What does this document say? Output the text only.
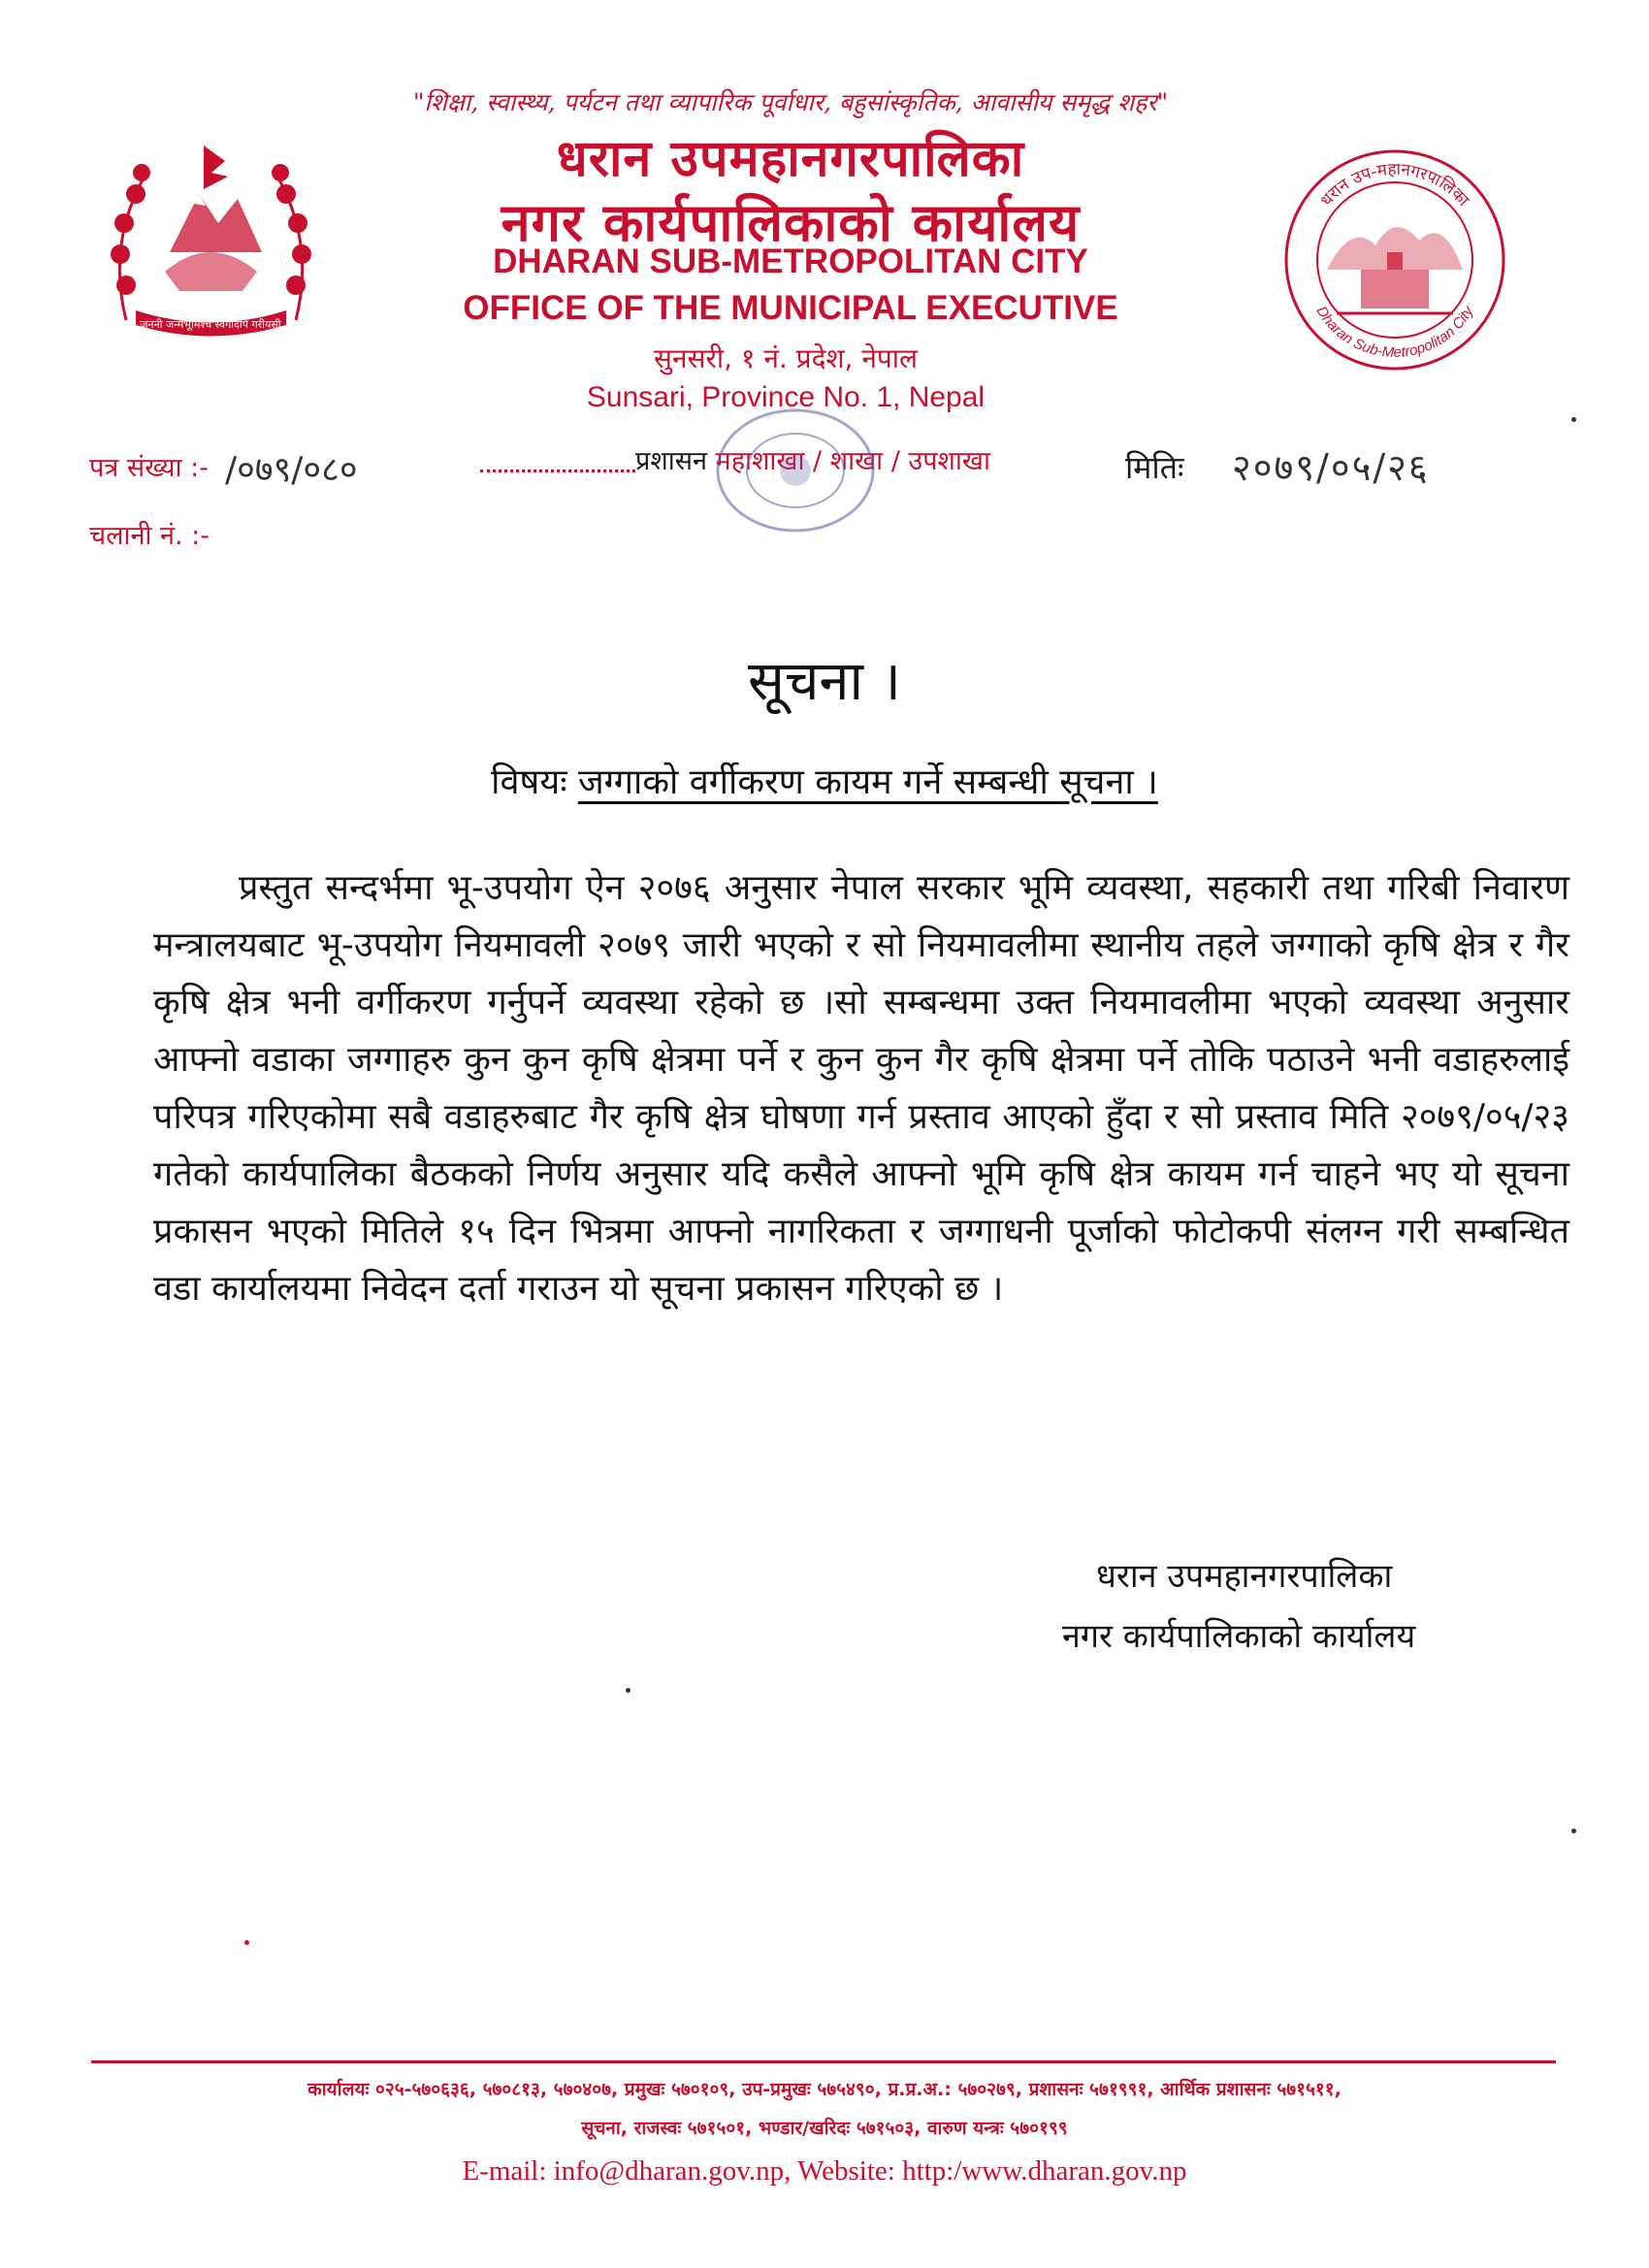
"शिक्षा, स्वास्थ्य, पर्यटन तथा व्यापारिक पूर्वाधार, बहुसांस्कृतिक, आवासीय समृद्ध शहर"
धरान उपमहानगरपालिका
नगर कार्यपालिकाको कार्यालय
DHARAN SUB-METROPOLITAN CITY
OFFICE OF THE MUNICIPAL EXECUTIVE
सुनसरी, १ नं. प्रदेश, नेपाल
Sunsari, Province No. 1, Nepal
जननी जन्मभूमिश्च स्वर्गादपि गरीयसी
धरान उप-महानगरपालिका
Dharan Sub-Metropolitan City
पत्र संख्या :- /०७९/०८०	प्रशासन महाशाखा / शाखा / उपशाखा	मितिः २०७९/०५/२६
चलानी नं. :-
सूचना ।
विषयः जग्गाको वर्गीकरण कायम गर्ने सम्बन्धी सूचना ।
प्रस्तुत सन्दर्भमा भू-उपयोग ऐन २०७६ अनुसार नेपाल सरकार भूमि व्यवस्था, सहकारी तथा गरिबी निवारण मन्त्रालयबाट भू-उपयोग नियमावली २०७९ जारी भएको र सो नियमावलीमा स्थानीय तहले जग्गाको कृषि क्षेत्र र गैर कृषि क्षेत्र भनी वर्गीकरण गर्नुपर्ने व्यवस्था रहेको छ ।सो सम्बन्धमा उक्त नियमावलीमा भएको व्यवस्था अनुसार आफ्नो वडाका जग्गाहरु कुन कुन कृषि क्षेत्रमा पर्ने र कुन कुन गैर कृषि क्षेत्रमा पर्ने तोकि पठाउने भनी वडाहरुलाई परिपत्र गरिएकोमा सबै वडाहरुबाट गैर कृषि क्षेत्र घोषणा गर्न प्रस्ताव आएको हुँदा र सो प्रस्ताव मिति २०७९/०५/२३ गतेको कार्यपालिका बैठकको निर्णय अनुसार यदि कसैले आफ्नो भूमि कृषि क्षेत्र कायम गर्न चाहने भए यो सूचना प्रकासन भएको मितिले १५ दिन भित्रमा आफ्नो नागरिकता र जग्गाधनी पूर्जाको फोटोकपी संलग्न गरी सम्बन्धित वडा कार्यालयमा निवेदन दर्ता गराउन यो सूचना प्रकासन गरिएको छ ।
धरान उपमहानगरपालिका
नगर कार्यपालिकाको कार्यालय
कार्यालयः ०२५-५७०६३६, ५७०८१३, ५७०४०७, प्रमुखः ५७०१०९, उप-प्रमुखः ५७५४९०, प्र.प्र.अ.: ५७०२७९, प्रशासनः ५७१९९१, आर्थिक प्रशासनः ५७१५११,
सूचना, राजस्वः ५७१५०१, भण्डार/खरिदः ५७१५०३, वारुण यन्त्रः ५७०१९९
E-mail: info@dharan.gov.np, Website: http:/www.dharan.gov.np
